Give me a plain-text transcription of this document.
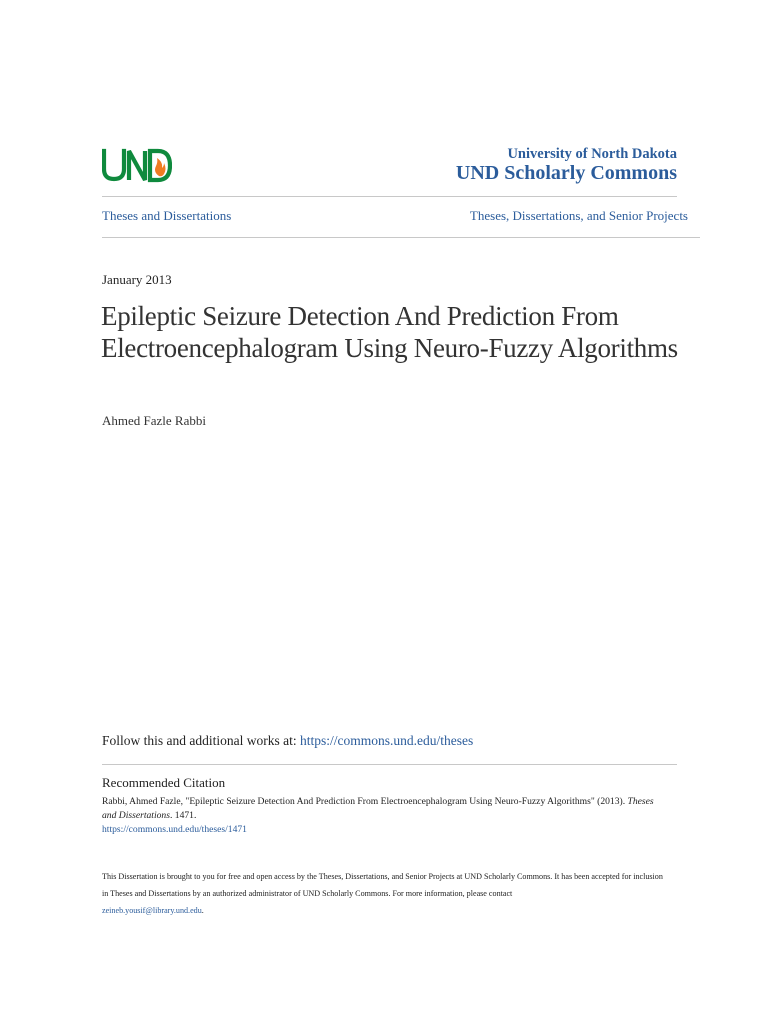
University of North Dakota
UND Scholarly Commons
Theses and Dissertations	Theses, Dissertations, and Senior Projects
January 2013
Epileptic Seizure Detection And Prediction From Electroencephalogram Using Neuro-Fuzzy Algorithms
Ahmed Fazle Rabbi
Follow this and additional works at: https://commons.und.edu/theses
Recommended Citation
Rabbi, Ahmed Fazle, "Epileptic Seizure Detection And Prediction From Electroencephalogram Using Neuro-Fuzzy Algorithms" (2013). Theses and Dissertations. 1471.
https://commons.und.edu/theses/1471
This Dissertation is brought to you for free and open access by the Theses, Dissertations, and Senior Projects at UND Scholarly Commons. It has been accepted for inclusion in Theses and Dissertations by an authorized administrator of UND Scholarly Commons. For more information, please contact
zeineb.yousif@library.und.edu.
